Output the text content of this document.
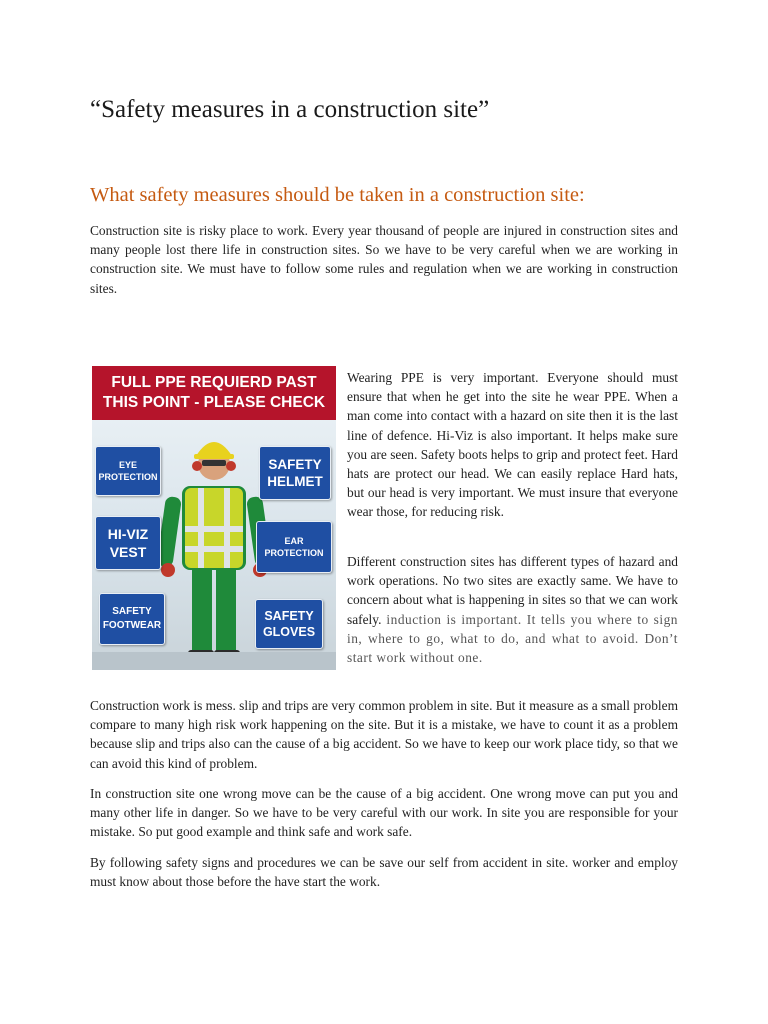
“Safety measures in a construction site”
What safety measures should be taken in a construction site:

Construction site is risky place to work. Every year thousand of people are injured in construction sites and many people lost there life in construction sites. So we have to be very careful when we are working in construction site. We must have to follow some rules and regulation when we are working in construction sites.

FULL PPE REQUIERD PAST
THIS POINT - PLEASE CHECK
EYE
PROTECTION
SAFETY
HELMET
HI-VIZ
VEST
EAR
PROTECTION
SAFETY
FOOTWEAR
SAFETY
GLOVES

Wearing PPE is very important. Everyone should must ensure that when he get into the site he wear PPE. When a man come into contact with a hazard on site then it is the last line of defence. Hi-Viz is also important. It helps make sure you are seen. Safety boots helps to grip and protect feet. Hard hats are protect our head. We can easily replace Hard hats, but our head is very important. We must insure that everyone wear those, for reducing risk.

Different construction sites has different types of hazard and work operations. No two sites are exactly same. We have to concern about what is happening in sites so that we can work safely. induction is important. It tells you where to sign in, where to go, what to do, and what to avoid. Don’t start work without one.

Construction work is mess. slip and trips are very common problem in site. But it measure as a small problem compare to many high risk work happening on the site. But it is a mistake, we have to count it as a problem because slip and trips also can the cause of a big accident. So we have to keep our work place tidy, so that we can avoid this kind of problem.

In construction site one wrong move can be the cause of a big accident. One wrong move can put you and many other life in danger. So we have to be very careful with our work. In site you are responsible for your mistake. So put good example and think safe and work safe.

By following safety signs and procedures we can be save our self from accident in site. worker and employ must know about those before the have start the work.
